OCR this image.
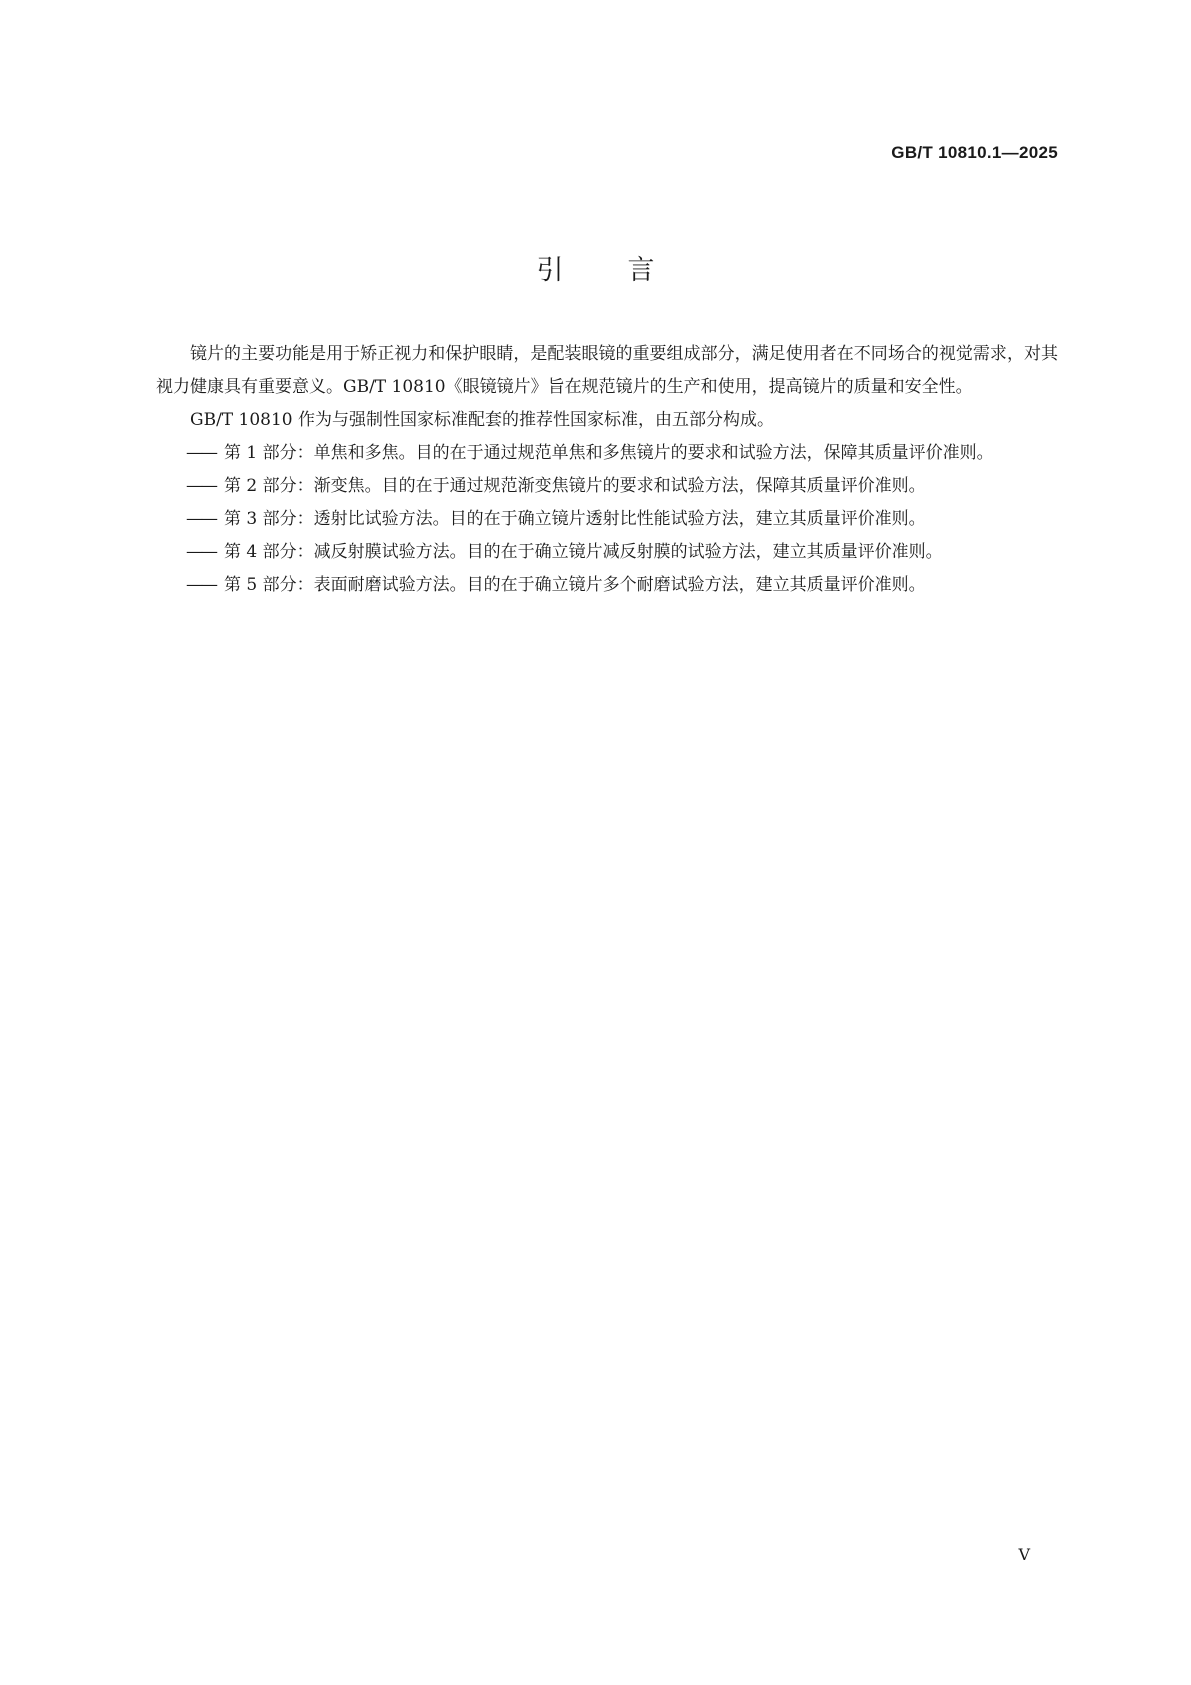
GB/T 10810.1—2025
引言

镜片的主要功能是用于矫正视力和保护眼睛，是配装眼镜的重要组成部分，满足使用者在不同场合的视觉需求，对其视力健康具有重要意义。GB/T 10810《眼镜镜片》旨在规范镜片的生产和使用，提高镜片的质量和安全性。

GB/T 10810 作为与强制性国家标准配套的推荐性国家标准，由五部分构成。

—— 第 1 部分：单焦和多焦。目的在于通过规范单焦和多焦镜片的要求和试验方法，保障其质量评价准则。
—— 第 2 部分：渐变焦。目的在于通过规范渐变焦镜片的要求和试验方法，保障其质量评价准则。
—— 第 3 部分：透射比试验方法。目的在于确立镜片透射比性能试验方法，建立其质量评价准则。
—— 第 4 部分：减反射膜试验方法。目的在于确立镜片减反射膜的试验方法，建立其质量评价准则。
—— 第 5 部分：表面耐磨试验方法。目的在于确立镜片多个耐磨试验方法，建立其质量评价准则。
V
